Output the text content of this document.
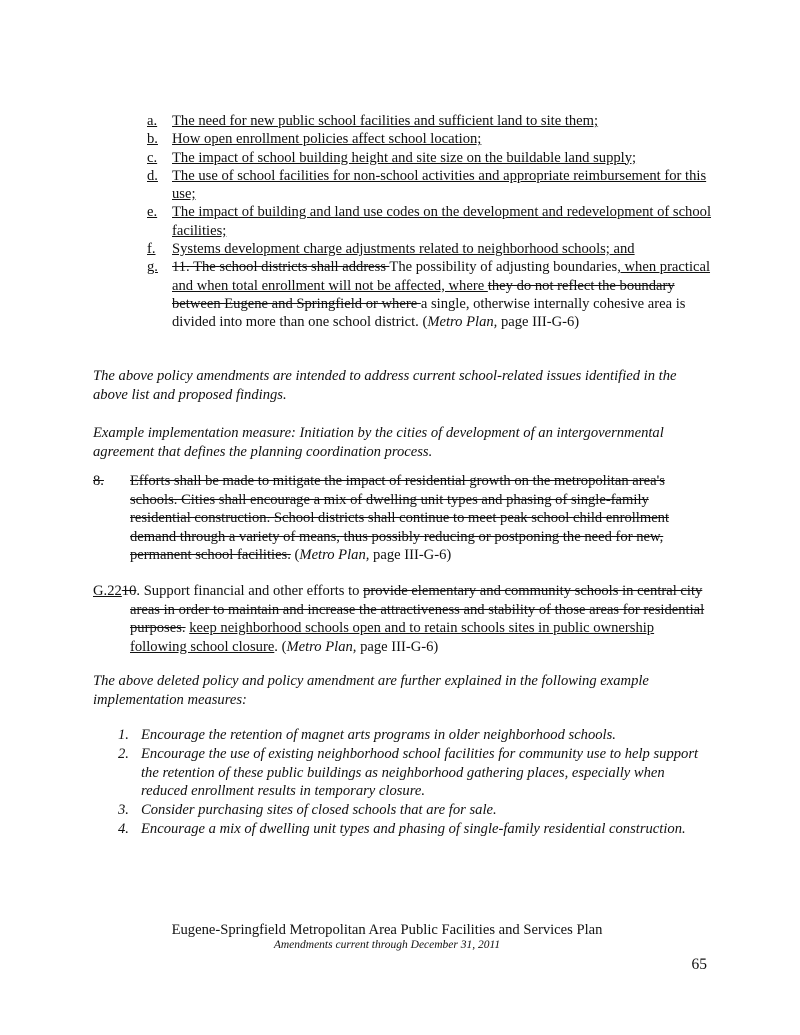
a. The need for new public school facilities and sufficient land to site them;
b. How open enrollment policies affect school location;
c. The impact of school building height and site size on the buildable land supply;
d. The use of school facilities for non-school activities and appropriate reimbursement for this use;
e. The impact of building and land use codes on the development and redevelopment of school facilities;
f. Systems development charge adjustments related to neighborhood schools; and
g. 11. The school districts shall address The possibility of adjusting boundaries, when practical and when total enrollment will not be affected, where they do not reflect the boundary between Eugene and Springfield or where a single, otherwise internally cohesive area is divided into more than one school district. (Metro Plan, page III-G-6)

The above policy amendments are intended to address current school-related issues identified in the above list and proposed findings.

Example implementation measure: Initiation by the cities of development of an intergovernmental agreement that defines the planning coordination process.

8.	Efforts shall be made to mitigate the impact of residential growth on the metropolitan area's schools. Cities shall encourage a mix of dwelling unit types and phasing of single-family residential construction. School districts shall continue to meet peak school child enrollment demand through a variety of means, thus possibly reducing or postponing the need for new, permanent school facilities. (Metro Plan, page III-G-6)
G.2210. Support financial and other efforts to provide elementary and community schools in central city areas in order to maintain and increase the attractiveness and stability of those areas for residential purposes. keep neighborhood schools open and to retain schools sites in public ownership following school closure. (Metro Plan, page III-G-6)

The above deleted policy and policy amendment are further explained in the following example implementation measures:

1. Encourage the retention of magnet arts programs in older neighborhood schools.
2. Encourage the use of existing neighborhood school facilities for community use to help support the retention of these public buildings as neighborhood gathering places, especially when reduced enrollment results in temporary closure.
3. Consider purchasing sites of closed schools that are for sale.
4. Encourage a mix of dwelling unit types and phasing of single-family residential construction.
Eugene-Springfield Metropolitan Area Public Facilities and Services Plan
Amendments current through December 31, 2011
65
